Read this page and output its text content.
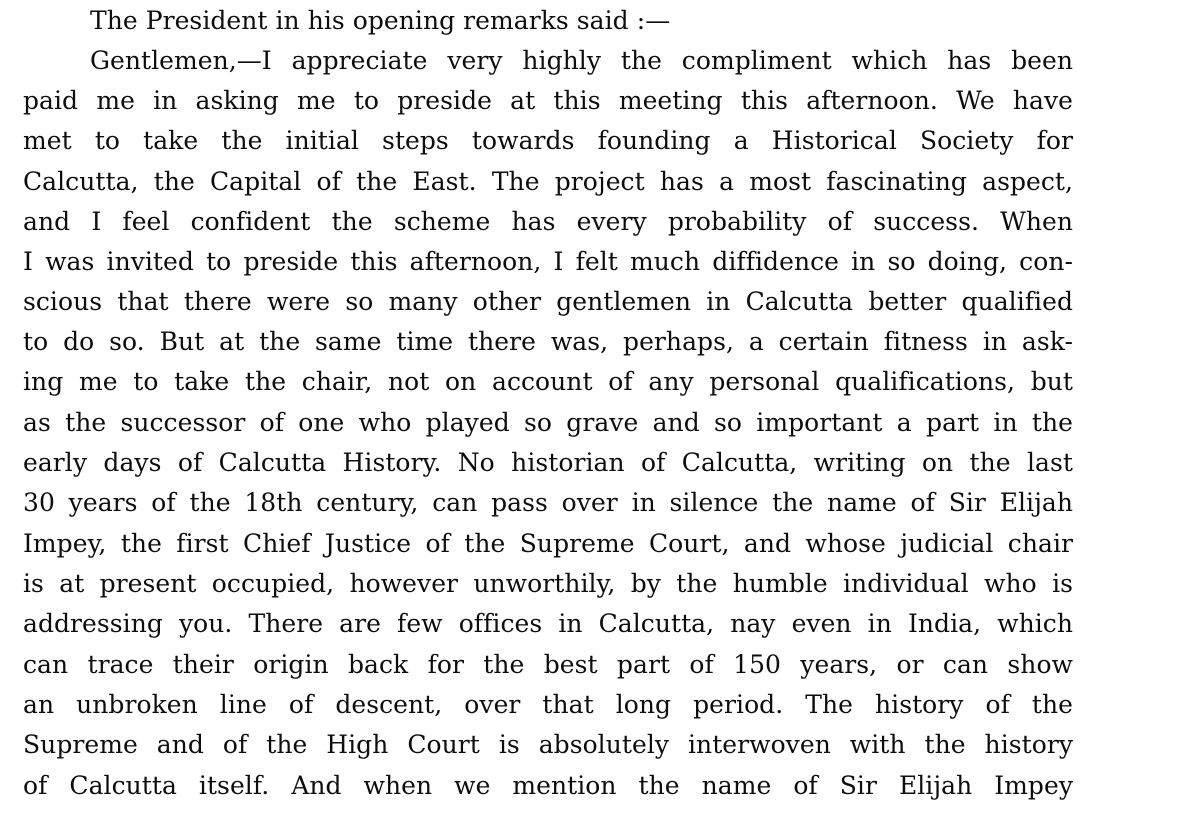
The President in his opening remarks said :—

Gentlemen,—I appreciate very highly the compliment which has been

paid me in asking me to preside at this meeting this afternoon. We have

met to take the initial steps towards founding a Historical Society for

Calcutta, the Capital of the East. The project has a most fascinating aspect,

and I feel confident the scheme has every probability of success. When

I was invited to preside this afternoon, I felt much diffidence in so doing, con-

scious that there were so many other gentlemen in Calcutta better qualified

to do so. But at the same time there was, perhaps, a certain fitness in ask-

ing me to take the chair, not on account of any personal qualifications, but

as the successor of one who played so grave and so important a part in the

early days of Calcutta History. No historian of Calcutta, writing on the last

30 years of the 18th century, can pass over in silence the name of Sir Elijah

Impey, the first Chief Justice of the Supreme Court, and whose judicial chair

is at present occupied, however unworthily, by the humble individual who is

addressing you. There are few offices in Calcutta, nay even in India, which

can trace their origin back for the best part of 150 years, or can show

an unbroken line of descent, over that long period. The history of the

Supreme and of the High Court is absolutely interwoven with the history

of Calcutta itself. And when we mention the name of Sir Elijah Impey
